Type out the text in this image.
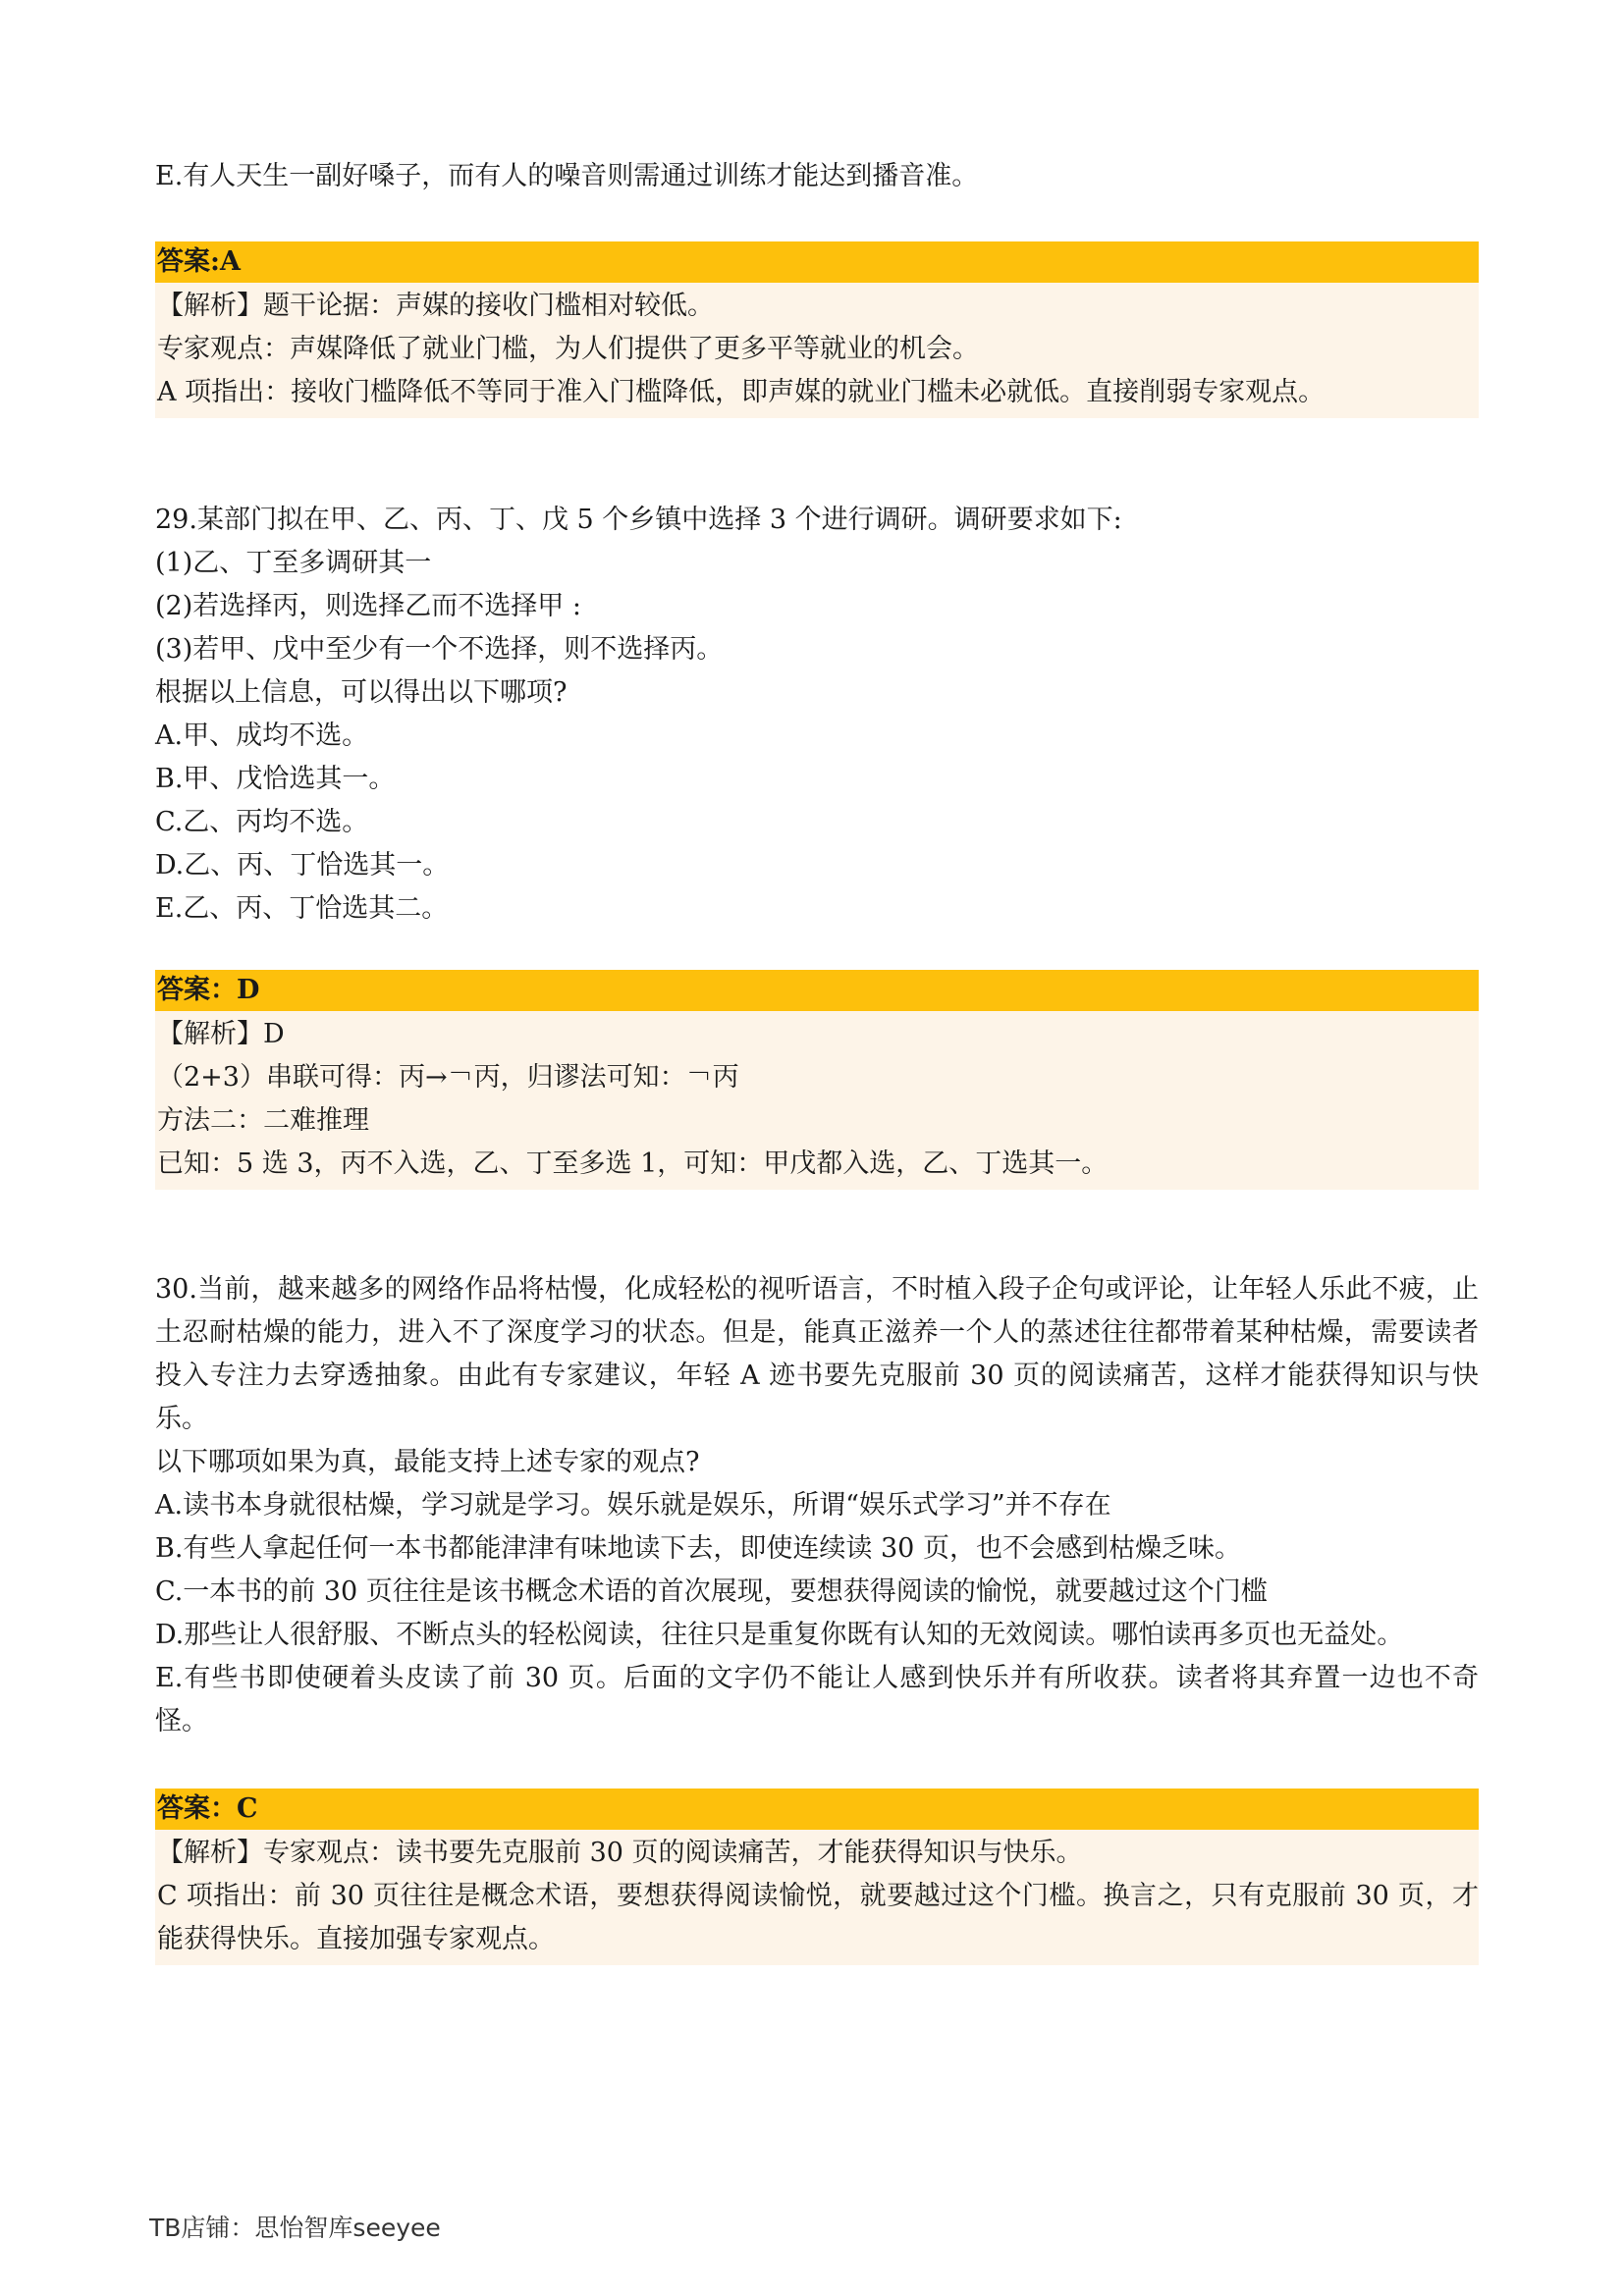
E.有人天生一副好嗓子，而有人的噪音则需通过训练才能达到播音准。
答案:A
【解析】题干论据：声媒的接收门槛相对较低。
专家观点：声媒降低了就业门槛，为人们提供了更多平等就业的机会。
A 项指出：接收门槛降低不等同于准入门槛降低，即声媒的就业门槛未必就低。直接削弱专家观点。
29.某部门拟在甲、乙、丙、丁、戊 5 个乡镇中选择 3 个进行调研。调研要求如下:
(1)乙、丁至多调研其一
(2)若选择丙，则选择乙而不选择甲 :
(3)若甲、戊中至少有一个不选择，则不选择丙。
根据以上信息，可以得出以下哪项?
A.甲、成均不选。
B.甲、戊恰选其一。
C.乙、丙均不选。
D.乙、丙、丁恰选其一。
E.乙、丙、丁恰选其二。
答案：D
【解析】D
（2+3）串联可得：丙→￢丙，归谬法可知：￢丙
方法二：二难推理
已知：5 选 3，丙不入选，乙、丁至多选 1，可知：甲戊都入选，乙、丁选其一。
30.当前，越来越多的网络作品将枯慢，化成轻松的视听语言，不时植入段子企句或评论，让年轻人乐此不疲，止土忍耐枯燥的能力，进入不了深度学习的状态。但是，能真正滋养一个人的蒸述往往都带着某种枯燥，需要读者投入专注力去穿透抽象。由此有专家建议，年轻 A 迹书要先克服前 30 页的阅读痛苦，这样才能获得知识与快乐。
以下哪项如果为真，最能支持上述专家的观点?
A.读书本身就很枯燥，学习就是学习。娱乐就是娱乐，所谓“娱乐式学习”并不存在
B.有些人拿起任何一本书都能津津有味地读下去，即使连续读 30 页，也不会感到枯燥乏味。
C.一本书的前 30 页往往是该书概念术语的首次展现，要想获得阅读的愉悦，就要越过这个门槛
D.那些让人很舒服、不断点头的轻松阅读，往往只是重复你既有认知的无效阅读。哪怕读再多页也无益处。
E.有些书即使硬着头皮读了前 30 页。后面的文字仍不能让人感到快乐并有所收获。读者将其弃置一边也不奇怪。
答案：C
【解析】专家观点：读书要先克服前 30 页的阅读痛苦，才能获得知识与快乐。
C 项指出：前 30 页往往是概念术语，要想获得阅读愉悦，就要越过这个门槛。换言之，只有克服前 30 页，才能获得快乐。直接加强专家观点。
TB店铺：思怡智库seeyee
